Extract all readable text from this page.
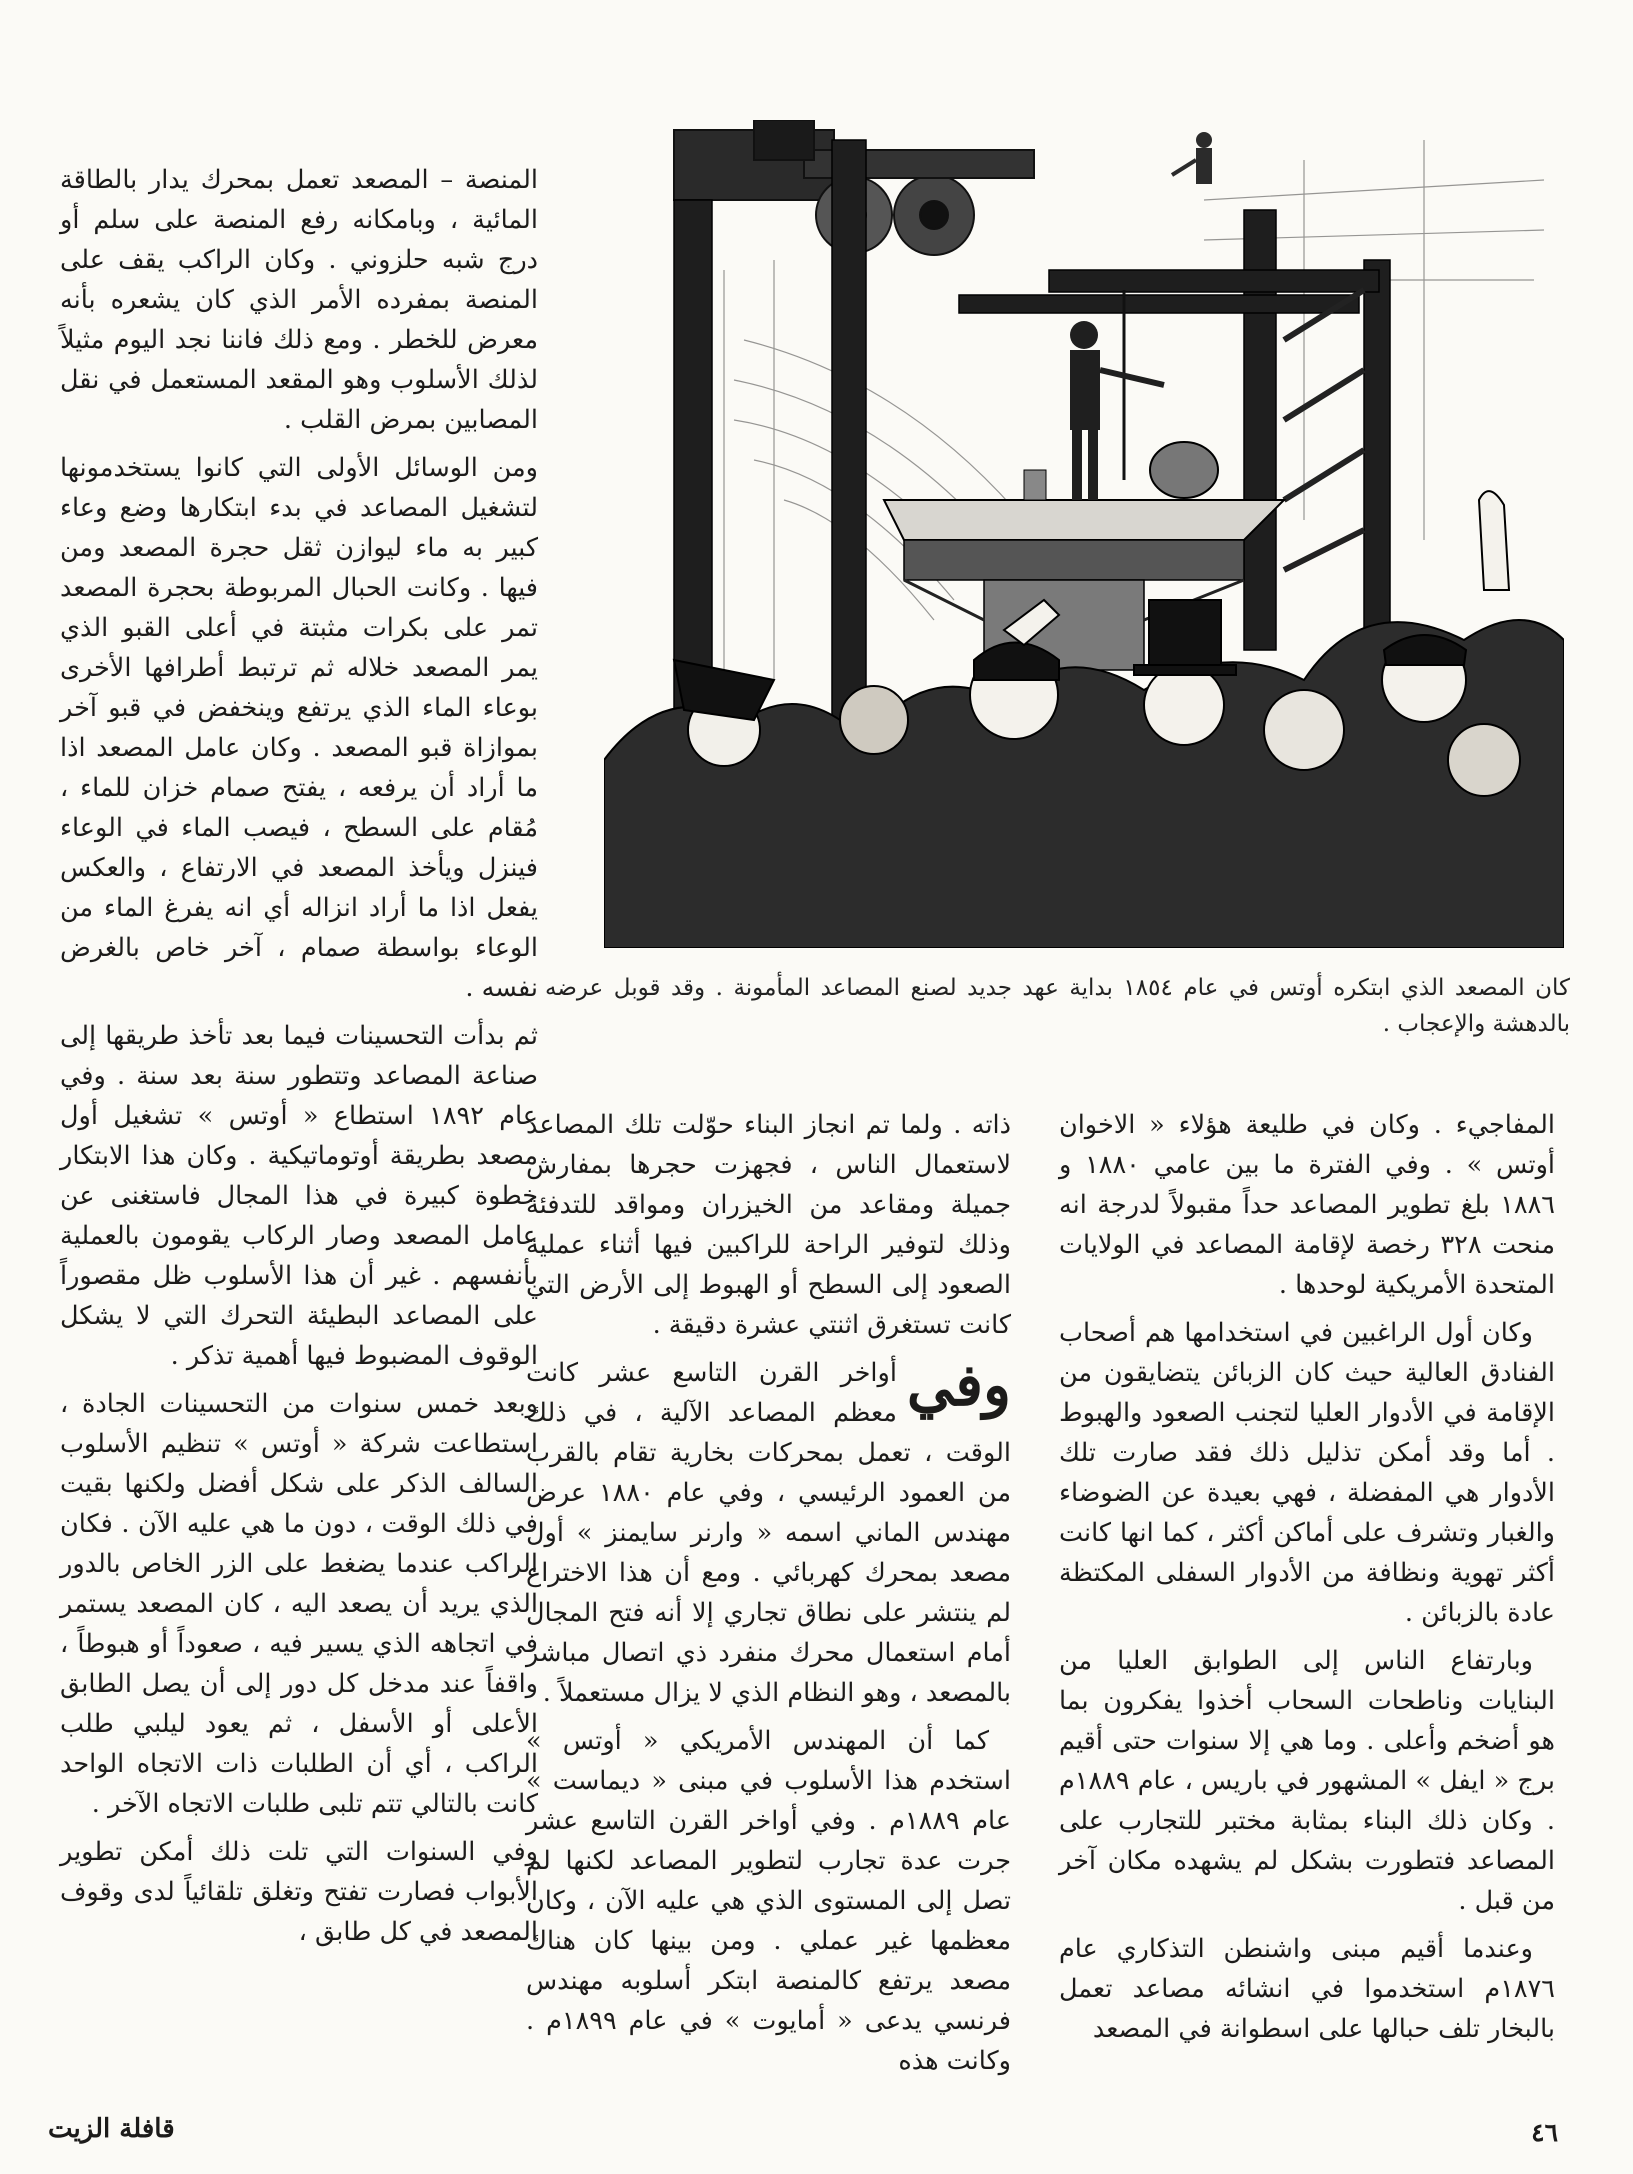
كان المصعد الذي ابتكره أوتس في عام ١٨٥٤ بداية عهد جديد لصنع المصاعد المأمونة . وقد قوبل عرضه بالدهشة والإعجاب .

المنصة – المصعد تعمل بمحرك يدار بالطاقة المائية ، وبامكانه رفع المنصة على سلم أو درج شبه حلزوني . وكان الراكب يقف على المنصة بمفرده الأمر الذي كان يشعره بأنه معرض للخطر . ومع ذلك فاننا نجد اليوم مثيلاً لذلك الأسلوب وهو المقعد المستعمل في نقل المصابين بمرض القلب .

ومن الوسائل الأولى التي كانوا يستخدمونها لتشغيل المصاعد في بدء ابتكارها وضع وعاء كبير به ماء ليوازن ثقل حجرة المصعد ومن فيها . وكانت الحبال المربوطة بحجرة المصعد تمر على بكرات مثبتة في أعلى القبو الذي يمر المصعد خلاله ثم ترتبط أطرافها الأخرى بوعاء الماء الذي يرتفع وينخفض في قبو آخر بموازاة قبو المصعد . وكان عامل المصعد اذا ما أراد أن يرفعه ، يفتح صمام خزان للماء ، مُقام على السطح ، فيصب الماء في الوعاء فينزل ويأخذ المصعد في الارتفاع ، والعكس يفعل اذا ما أراد انزاله أي انه يفرغ الماء من الوعاء بواسطة صمام ، آخر خاص بالغرض نفسه .

ثم بدأت التحسينات فيما بعد تأخذ طريقها إلى صناعة المصاعد وتتطور سنة بعد سنة . وفي عام ١٨٩٢ استطاع « أوتس » تشغيل أول مصعد بطريقة أوتوماتيكية . وكان هذا الابتكار خطوة كبيرة في هذا المجال فاستغنى عن عامل المصعد وصار الركاب يقومون بالعملية بأنفسهم . غير أن هذا الأسلوب ظل مقصوراً على المصاعد البطيئة التحرك التي لا يشكل الوقوف المضبوط فيها أهمية تذكر .

وبعد خمس سنوات من التحسينات الجادة ، استطاعت شركة « أوتس » تنظيم الأسلوب السالف الذكر على شكل أفضل ولكنها بقيت في ذلك الوقت ، دون ما هي عليه الآن . فكان الراكب عندما يضغط على الزر الخاص بالدور الذي يريد أن يصعد اليه ، كان المصعد يستمر في اتجاهه الذي يسير فيه ، صعوداً أو هبوطاً ، واقفاً عند مدخل كل دور إلى أن يصل الطابق الأعلى أو الأسفل ، ثم يعود ليلبي طلب الراكب ، أي أن الطلبات ذات الاتجاه الواحد كانت بالتالي تتم تلبى طلبات الاتجاه الآخر .

وفي السنوات التي تلت ذلك أمكن تطوير الأبواب فصارت تفتح وتغلق تلقائياً لدى وقوف المصعد في كل طابق ،

ذاته . ولما تم انجاز البناء حوّلت تلك المصاعد لاستعمال الناس ، فجهزت حجرها بمفارش جميلة ومقاعد من الخيزران ومواقد للتدفئة وذلك لتوفير الراحة للراكبين فيها أثناء عملية الصعود إلى السطح أو الهبوط إلى الأرض التي كانت تستغرق اثنتي عشرة دقيقة .

وفي
أواخر القرن التاسع عشر كانت معظم المصاعد الآلية ، في ذلك الوقت ، تعمل بمحركات بخارية تقام بالقرب من العمود الرئيسي ، وفي عام ١٨٨٠ عرض مهندس الماني اسمه « وارنر سايمنز » أول مصعد بمحرك كهربائي . ومع أن هذا الاختراع لم ينتشر على نطاق تجاري إلا أنه فتح المجال أمام استعمال محرك منفرد ذي اتصال مباشر بالمصعد ، وهو النظام الذي لا يزال مستعملاً .

كما أن المهندس الأمريكي « أوتس » استخدم هذا الأسلوب في مبنى « ديماست » عام ١٨٨٩م . وفي أواخر القرن التاسع عشر جرت عدة تجارب لتطوير المصاعد لكنها لم تصل إلى المستوى الذي هي عليه الآن ، وكان معظمها غير عملي . ومن بينها كان هناك مصعد يرتفع كالمنصة ابتكر أسلوبه مهندس فرنسي يدعى « أمايوت » في عام ١٨٩٩م . وكانت هذه

المفاجيء . وكان في طليعة هؤلاء « الاخوان أوتس » . وفي الفترة ما بين عامي ١٨٨٠ و ١٨٨٦ بلغ تطوير المصاعد حداً مقبولاً لدرجة انه منحت ٣٢٨ رخصة لإقامة المصاعد في الولايات المتحدة الأمريكية لوحدها .

وكان أول الراغبين في استخدامها هم أصحاب الفنادق العالية حيث كان الزبائن يتضايقون من الإقامة في الأدوار العليا لتجنب الصعود والهبوط . أما وقد أمكن تذليل ذلك فقد صارت تلك الأدوار هي المفضلة ، فهي بعيدة عن الضوضاء والغبار وتشرف على أماكن أكثر ، كما انها كانت أكثر تهوية ونظافة من الأدوار السفلى المكتظة عادة بالزبائن .

وبارتفاع الناس إلى الطوابق العليا من البنايات وناطحات السحاب أخذوا يفكرون بما هو أضخم وأعلى . وما هي إلا سنوات حتى أقيم برج « ايفل » المشهور في باريس ، عام ١٨٨٩م . وكان ذلك البناء بمثابة مختبر للتجارب على المصاعد فتطورت بشكل لم يشهده مكان آخر من قبل .

وعندما أقيم مبنى واشنطن التذكاري عام ١٨٧٦م استخدموا في انشائه مصاعد تعمل بالبخار تلف حبالها على اسطوانة في المصعد

٤٦
قافلة الزيت
